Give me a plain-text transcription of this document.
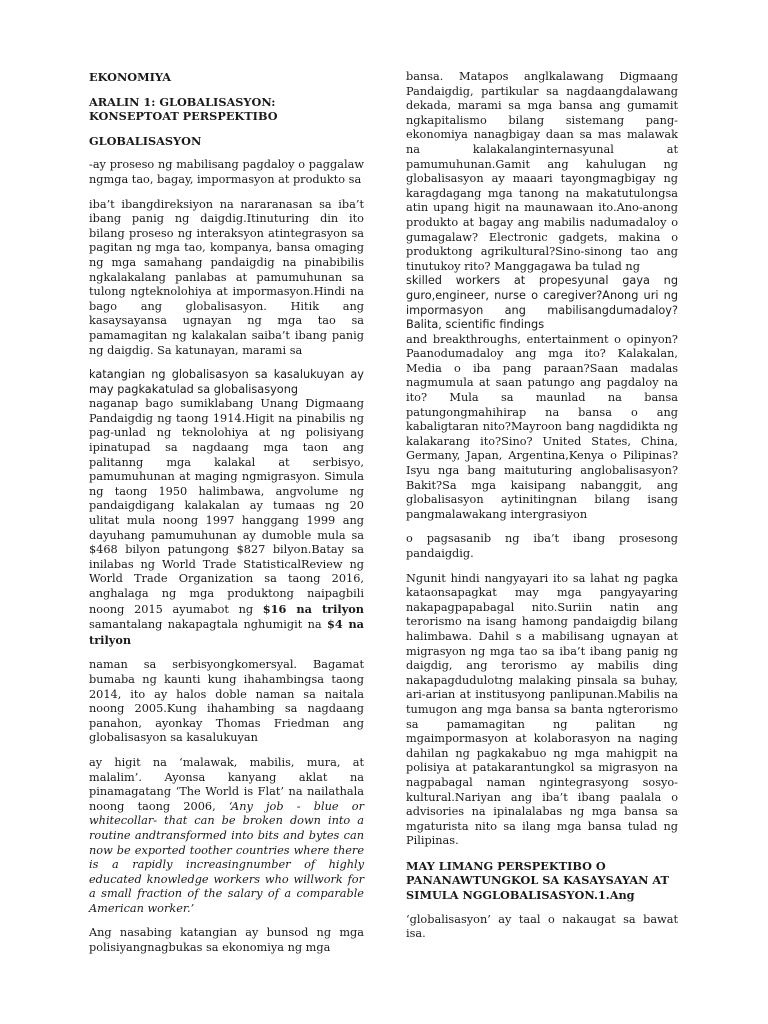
EKONOMIYA

ARALIN 1: GLOBALISASYON: KONSEPTOAT PERSPEKTIBO

GLOBALISASYON

-ay proseso ng mabilisang pagdaloy o paggalaw ngmga tao, bagay, impormasyon at produkto sa

iba’t ibangdireksiyon na nararanasan sa iba’t ibang panig ng daigdig.Itinuturing din ito bilang proseso ng interaksyon atintegrasyon sa pagitan ng mga tao, kompanya, bansa omaging ng mga samahang pandaigdig na pinabibilis ngkalakalang panlabas at pamumuhunan sa tulong ngteknolohiya at impormasyon.Hindi na bago ang globalisasyon. Hitik ang kasaysayansa ugnayan ng mga tao sa pamamagitan ng kalakalan saiba’t ibang panig ng daigdig. Sa katunayan, marami sa

katangian ng globalisasyon sa kasalukuyan ay may pagkakatulad sa globalisasyong

naganap bago sumiklabang Unang Digmaang Pandaigdig ng taong 1914.Higit na pinabilis ng pag-unlad ng teknolohiya at ng polisiyang ipinatupad sa nagdaang mga taon ang palitanng mga kalakal at serbisyo, pamumuhunan at maging ngmigrasyon. Simula ng taong 1950 halimbawa, angvolume ng pandaigdigang kalakalan ay tumaas ng 20 ulitat mula noong 1997 hanggang 1999 ang dayuhang pamumuhunan ay dumoble mula sa $468 bilyon patungong $827 bilyon.Batay sa inilabas ng World Trade StatisticalReview ng World Trade Organization sa taong 2016, anghalaga ng mga produktong naipagbili noong 2015 ayumabot ng $16 na trilyon samantalang nakapagtala nghumigit na $4 na trilyon

naman sa serbisyongkomersyal. Bagamat bumaba ng kaunti kung ihahambingsa taong 2014, ito ay halos doble naman sa naitala noong 2005.Kung ihahambing sa nagdaang panahon, ayonkay Thomas Friedman ang globalisasyon sa kasalukuyan

ay higit na ‘malawak, mabilis, mura, at malalim’. Ayonsa kanyang aklat na pinamagatang ‘The World is Flat’ na nailathala noong taong 2006, ‘Any job - blue or whitecollar- that can be broken down into a routine andtransformed into bits and bytes can now be exported toother countries where there is a rapidly increasingnumber of highly educated knowledge workers who willwork for a small fraction of the salary of a comparable American worker.’

Ang nasabing katangian ay bunsod ng mga polisiyangnagbukas sa ekonomiya ng mga

bansa. Matapos anglkalawang Digmaang Pandaigdig, partikular sa nagdaangdalawang dekada, marami sa mga bansa ang gumamit ngkapitalismo bilang sistemang pang-ekonomiya nanagbigay daan sa mas malawak na kalakalanginternasyunal at pamumuhunan.Gamit ang kahulugan ng globalisasyon ay maaari tayongmagbigay ng karagdagang mga tanong na makatutulongsa atin upang higit na maunawaan ito.Ano-anong produkto at bagay ang mabilis nadumadaloy o gumagalaw? Electronic gadgets, makina o produktong agrikultural?Sino-sinong tao ang tinutukoy rito? Manggagawa ba tulad ng

skilled workers at propesyunal gaya ng guro,engineer, nurse o caregiver?Anong uri ng impormasyon ang mabilisangdumadaloy? Balita, scientific findings

and breakthroughs, entertainment o opinyon? Paanodumadaloy ang mga ito? Kalakalan, Media o iba pang paraan?Saan madalas nagmumula at saan patungo ang pagdaloy na ito? Mula sa maunlad na bansa patungongmahihirap na bansa o ang kabaligtaran nito?Mayroon bang nagdidikta ng kalakarang ito?Sino? United States, China, Germany, Japan, Argentina,Kenya o Pilipinas? Isyu nga bang maituturing anglobalisasyon? Bakit?Sa mga kaisipang nabanggit, ang globalisasyon aytinitingnan bilang isang pangmalawakang intergrasiyon

o pagsasanib ng iba’t ibang prosesong pandaigdig.

Ngunit hindi nangyayari ito sa lahat ng pagka kataonsapagkat may mga pangyayaring nakapagpapabagal nito.Suriin natin ang terorismo na isang hamong pandaigdig bilang halimbawa. Dahil s a mabilisang ugnayan at migrasyon ng mga tao sa iba’t ibang panig ng daigdig, ang terorismo ay mabilis ding nakapagdudulotng malaking pinsala sa buhay, ari-arian at institusyong panlipunan.Mabilis na tumugon ang mga bansa sa banta ngterorismo sa pamamagitan ng palitan ng mgaimpormasyon at kolaborasyon na naging dahilan ng pagkakabuo ng mga mahigpit na polisiya at patakarantungkol sa migrasyon na nagpabagal naman ngintegrasyong sosyo-kultural.Nariyan ang iba’t ibang paalala o advisories na ipinalalabas ng mga bansa sa mgaturista nito sa ilang mga bansa tulad ng Pilipinas.

MAY LIMANG PERSPEKTIBO O PANANAWTUNGKOL SA KASAYSAYAN AT SIMULA NGGLOBALISASYON.1.Ang

‘globalisasyon’ ay taal o nakaugat sa bawat isa.
